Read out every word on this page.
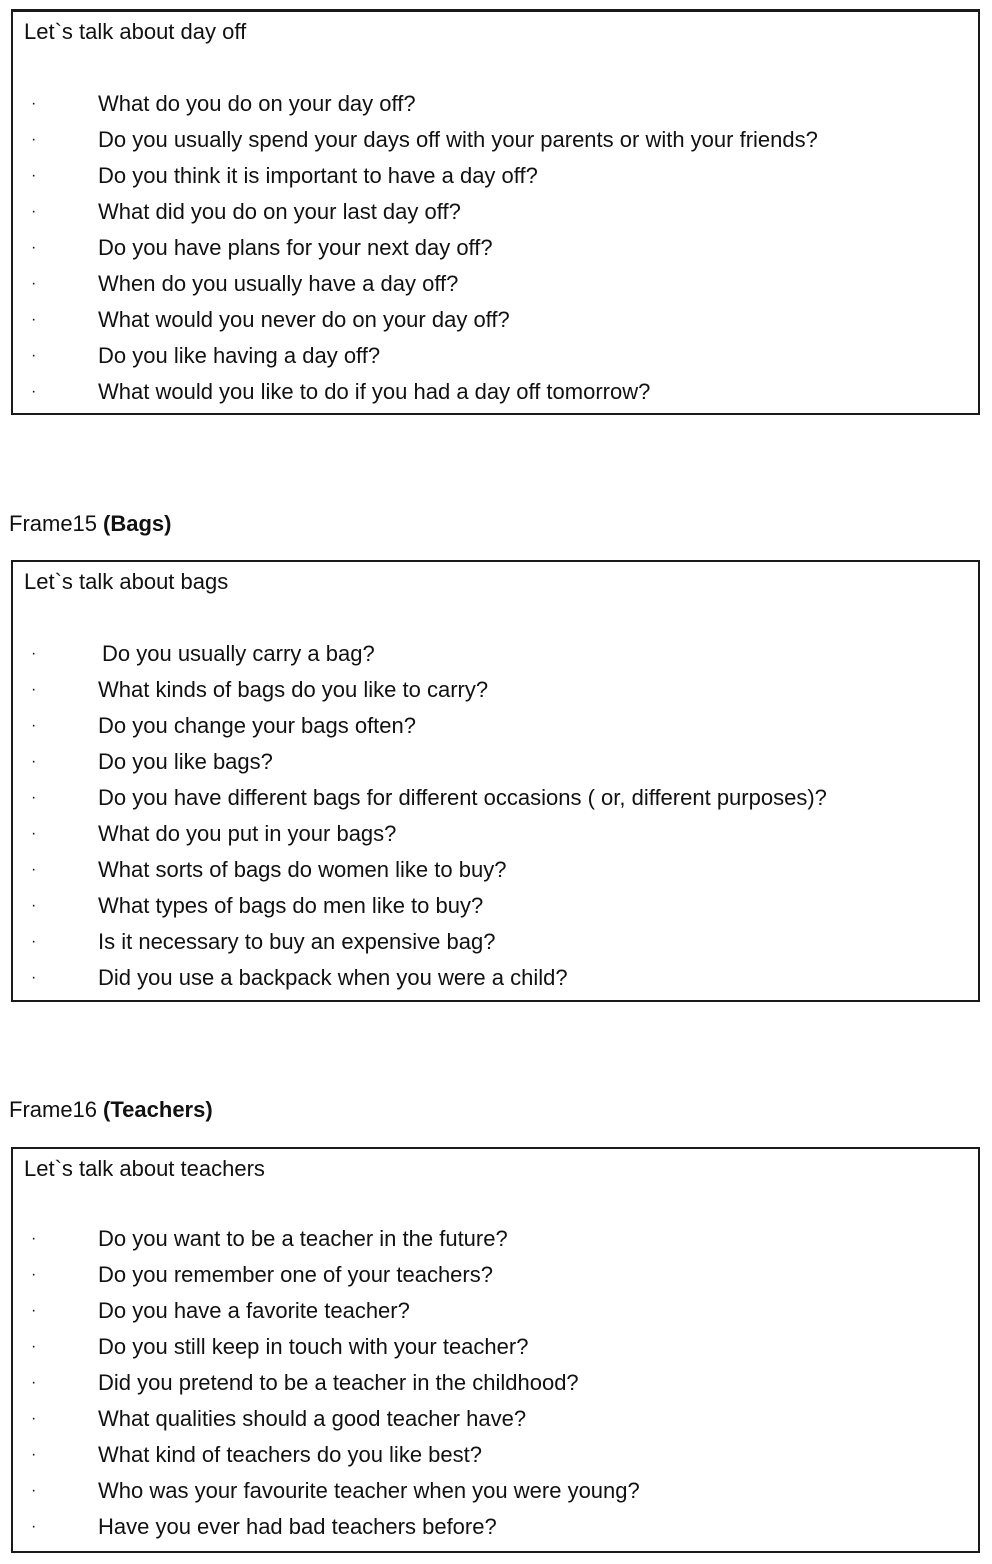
Let`s talk about day off
·	What do you do on your day off?
·	Do you usually spend your days off with your parents or with your friends?
·	Do you think it is important to have a day off?
·	What did you do on your last day off?
·	Do you have plans for your next day off?
·	When do you usually have a day off?
·	What would you never do on your day off?
·	Do you like having a day off?
·	What would you like to do if you had a day off tomorrow?
Frame15 (Bags)
Let`s talk about bags
·	Do you usually carry a bag?
·	What kinds of bags do you like to carry?
·	Do you change your bags often?
·	Do you like bags?
·	Do you have different bags for different occasions ( or, different purposes)?
·	What do you put in your bags?
·	What sorts of bags do women like to buy?
·	What types of bags do men like to buy?
·	Is it necessary to buy an expensive bag?
·	Did you use a backpack when you were a child?
Frame16 (Teachers)
Let`s talk about teachers
·	Do you want to be a teacher in the future?
·	Do you remember one of your teachers?
·	Do you have a favorite teacher?
·	Do you still keep in touch with your teacher?
·	Did you pretend to be a teacher in the childhood?
·	What qualities should a good teacher have?
·	What kind of teachers do you like best?
·	Who was your favourite teacher when you were young?
·	Have you ever had bad teachers before?
